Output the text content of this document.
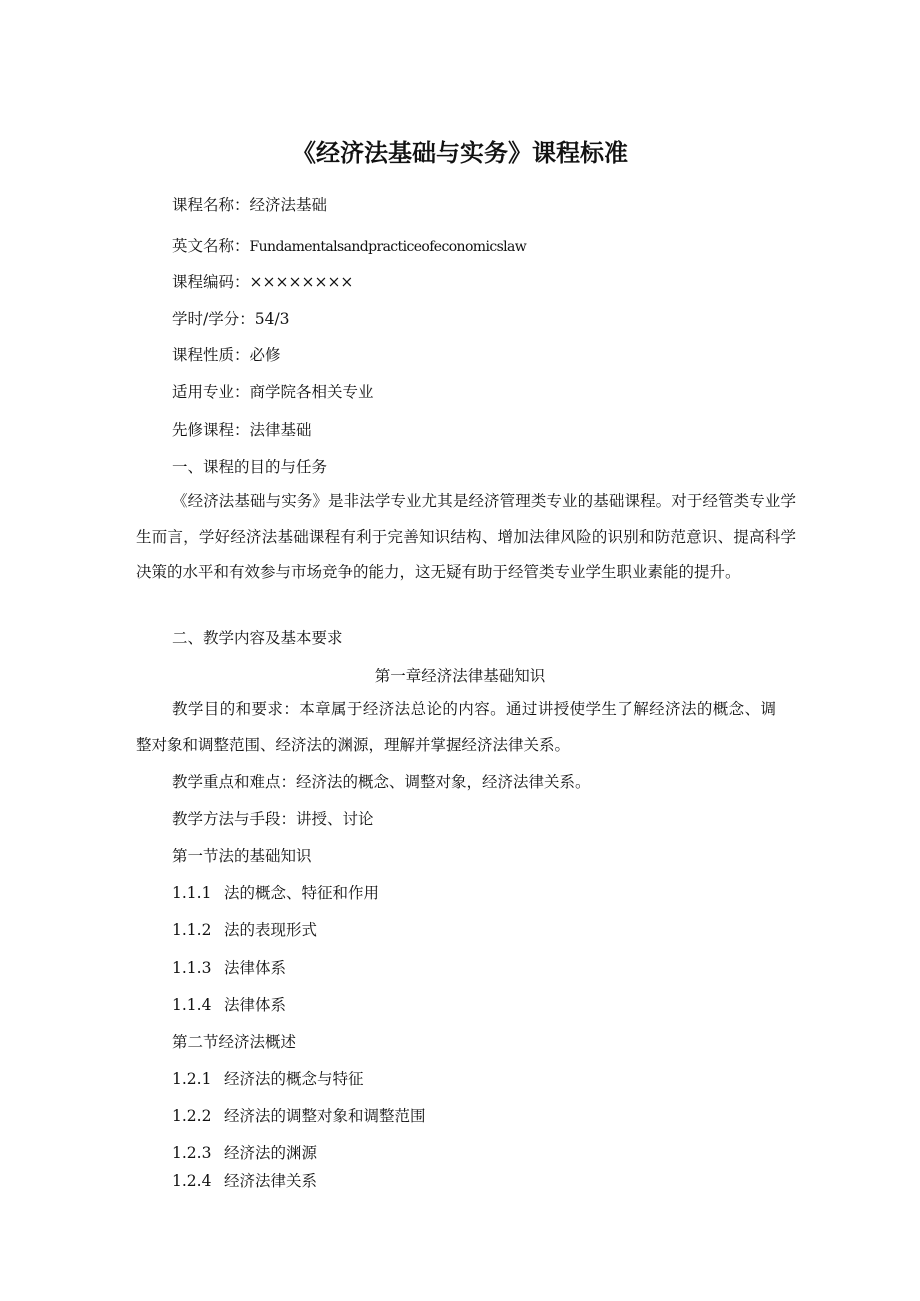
《经济法基础与实务》课程标准
课程名称：经济法基础
英文名称：Fundamentalsandpracticeofeconomicslaw
课程编码：××××××××
学时/学分：54/3
课程性质：必修
适用专业：商学院各相关专业
先修课程：法律基础
一、课程的目的与任务
《经济法基础与实务》是非法学专业尤其是经济管理类专业的基础课程。对于经管类专业学生而言，学好经济法基础课程有利于完善知识结构、增加法律风险的识别和防范意识、提高科学决策的水平和有效参与市场竞争的能力，这无疑有助于经管类专业学生职业素能的提升。
二、教学内容及基本要求
第一章经济法律基础知识
教学目的和要求：本章属于经济法总论的内容。通过讲授使学生了解经济法的概念、调整对象和调整范围、经济法的渊源，理解并掌握经济法律关系。
教学重点和难点：经济法的概念、调整对象，经济法律关系。
教学方法与手段：讲授、讨论
第一节法的基础知识
1.1.1 法的概念、特征和作用
1.1.2 法的表现形式
1.1.3 法律体系
1.1.4 法律体系
第二节经济法概述
1.2.1 经济法的概念与特征
1.2.2 经济法的调整对象和调整范围
1.2.3 经济法的渊源
1.2.4 经济法律关系
